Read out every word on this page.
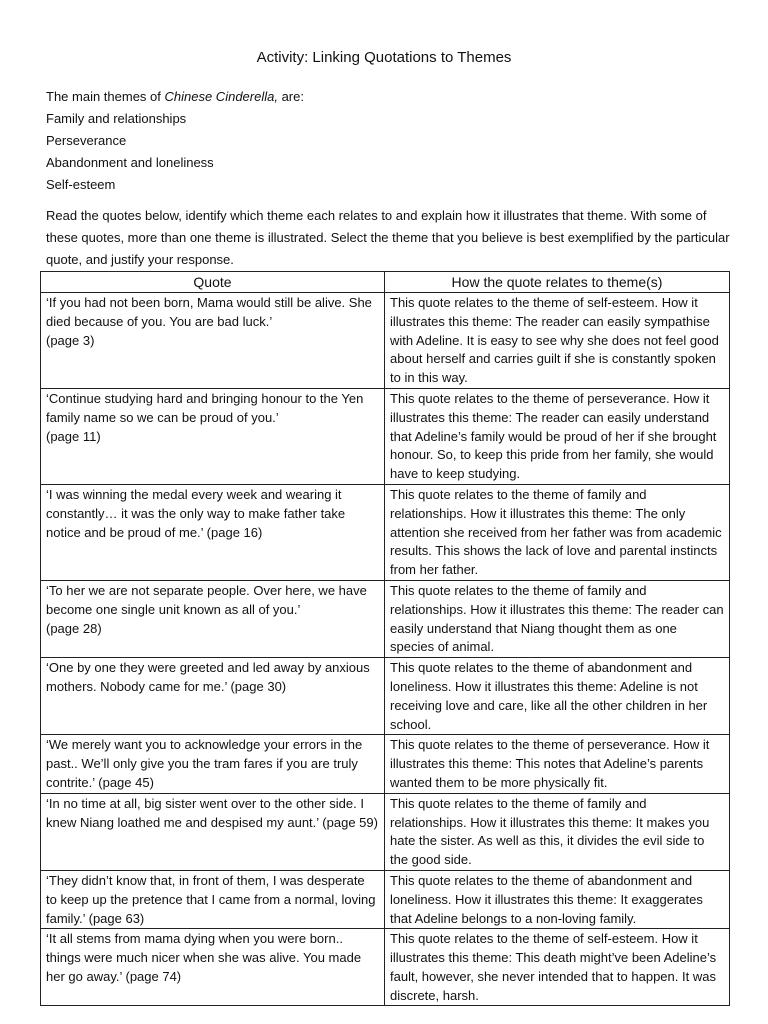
Activity: Linking Quotations to Themes
The main themes of Chinese Cinderella, are:
Family and relationships
Perseverance
Abandonment and loneliness
Self-esteem
Read the quotes below, identify which theme each relates to and explain how it illustrates that theme. With some of these quotes, more than one theme is illustrated. Select the theme that you believe is best exemplified by the particular quote, and justify your response.
Quote	How the quote relates to theme(s)
‘If you had not been born, Mama would still be alive. She died because of you. You are bad luck.’
(page 3)	This quote relates to the theme of self-esteem. How it illustrates this theme: The reader can easily sympathise with Adeline. It is easy to see why she does not feel good about herself and carries guilt if she is constantly spoken to in this way.
‘Continue studying hard and bringing honour to the Yen family name so we can be proud of you.’
(page 11)	This quote relates to the theme of perseverance. How it illustrates this theme: The reader can easily understand that Adeline’s family would be proud of her if she brought honour. So, to keep this pride from her family, she would have to keep studying.
‘I was winning the medal every week and wearing it constantly… it was the only way to make father take notice and be proud of me.’ (page 16)	This quote relates to the theme of family and relationships. How it illustrates this theme: The only attention she received from her father was from academic results. This shows the lack of love and parental instincts from her father.
‘To her we are not separate people. Over here, we have become one single unit known as all of you.’
(page 28)	This quote relates to the theme of family and relationships. How it illustrates this theme: The reader can easily understand that Niang thought them as one species of animal.
‘One by one they were greeted and led away by anxious mothers. Nobody came for me.’ (page 30)	This quote relates to the theme of abandonment and loneliness. How it illustrates this theme: Adeline is not receiving love and care, like all the other children in her school.
‘We merely want you to acknowledge your errors in the past.. We’ll only give you the tram fares if you are truly contrite.’ (page 45)	This quote relates to the theme of perseverance. How it illustrates this theme: This notes that Adeline’s parents wanted them to be more physically fit.
‘In no time at all, big sister went over to the other side. I knew Niang loathed me and despised my aunt.’ (page 59)	This quote relates to the theme of family and relationships. How it illustrates this theme: It makes you hate the sister. As well as this, it divides the evil side to the good side.
‘They didn’t know that, in front of them, I was desperate to keep up the pretence that I came from a normal, loving family.’ (page 63)	This quote relates to the theme of abandonment and loneliness. How it illustrates this theme: It exaggerates that Adeline belongs to a non-loving family.
‘It all stems from mama dying when you were born.. things were much nicer when she was alive. You made her go away.’ (page 74)	This quote relates to the theme of self-esteem. How it illustrates this theme: This death might’ve been Adeline’s fault, however, she never intended that to happen. It was discrete, harsh.
